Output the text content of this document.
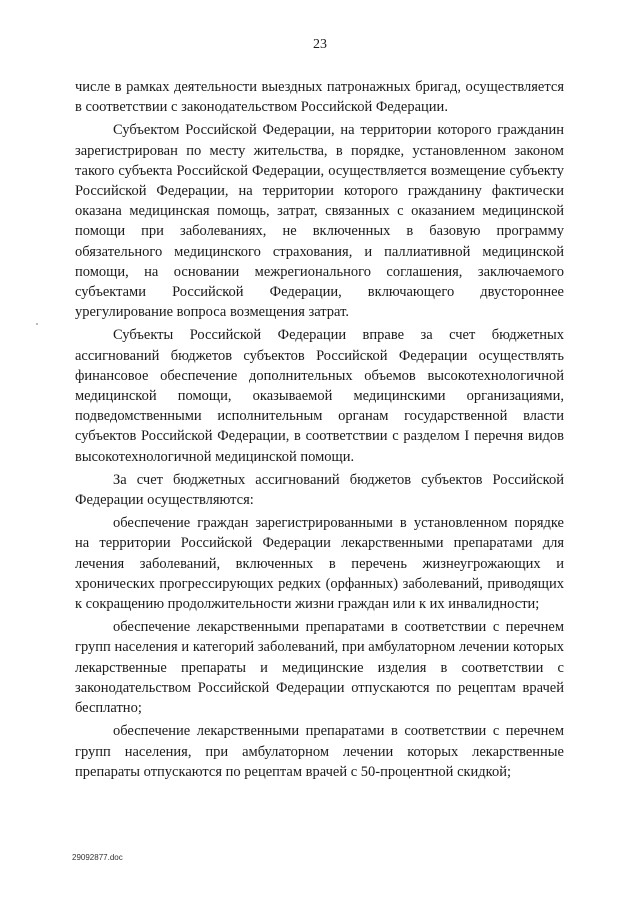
23

числе в рамках деятельности выездных патронажных бригад, осуществляется в соответствии с законодательством Российской Федерации.

Субъектом Российской Федерации, на территории которого гражданин зарегистрирован по месту жительства, в порядке, установленном законом такого субъекта Российской Федерации, осуществляется возмещение субъекту Российской Федерации, на территории которого гражданину фактически оказана медицинская помощь, затрат, связанных с оказанием медицинской помощи при заболеваниях, не включенных в базовую программу обязательного медицинского страхования, и паллиативной медицинской помощи, на основании межрегионального соглашения, заключаемого субъектами Российской Федерации, включающего двустороннее урегулирование вопроса возмещения затрат.

Субъекты Российской Федерации вправе за счет бюджетных ассигнований бюджетов субъектов Российской Федерации осуществлять финансовое обеспечение дополнительных объемов высокотехнологичной медицинской помощи, оказываемой медицинскими организациями, подведомственными исполнительным органам государственной власти субъектов Российской Федерации, в соответствии с разделом I перечня видов высокотехнологичной медицинской помощи.

За счет бюджетных ассигнований бюджетов субъектов Российской Федерации осуществляются:

обеспечение граждан зарегистрированными в установленном порядке на территории Российской Федерации лекарственными препаратами для лечения заболеваний, включенных в перечень жизнеугрожающих и хронических прогрессирующих редких (орфанных) заболеваний, приводящих к сокращению продолжительности жизни граждан или к их инвалидности;

обеспечение лекарственными препаратами в соответствии с перечнем групп населения и категорий заболеваний, при амбулаторном лечении которых лекарственные препараты и медицинские изделия в соответствии с законодательством Российской Федерации отпускаются по рецептам врачей бесплатно;

обеспечение лекарственными препаратами в соответствии с перечнем групп населения, при амбулаторном лечении которых лекарственные препараты отпускаются по рецептам врачей с 50-процентной скидкой;

29092877.doc
